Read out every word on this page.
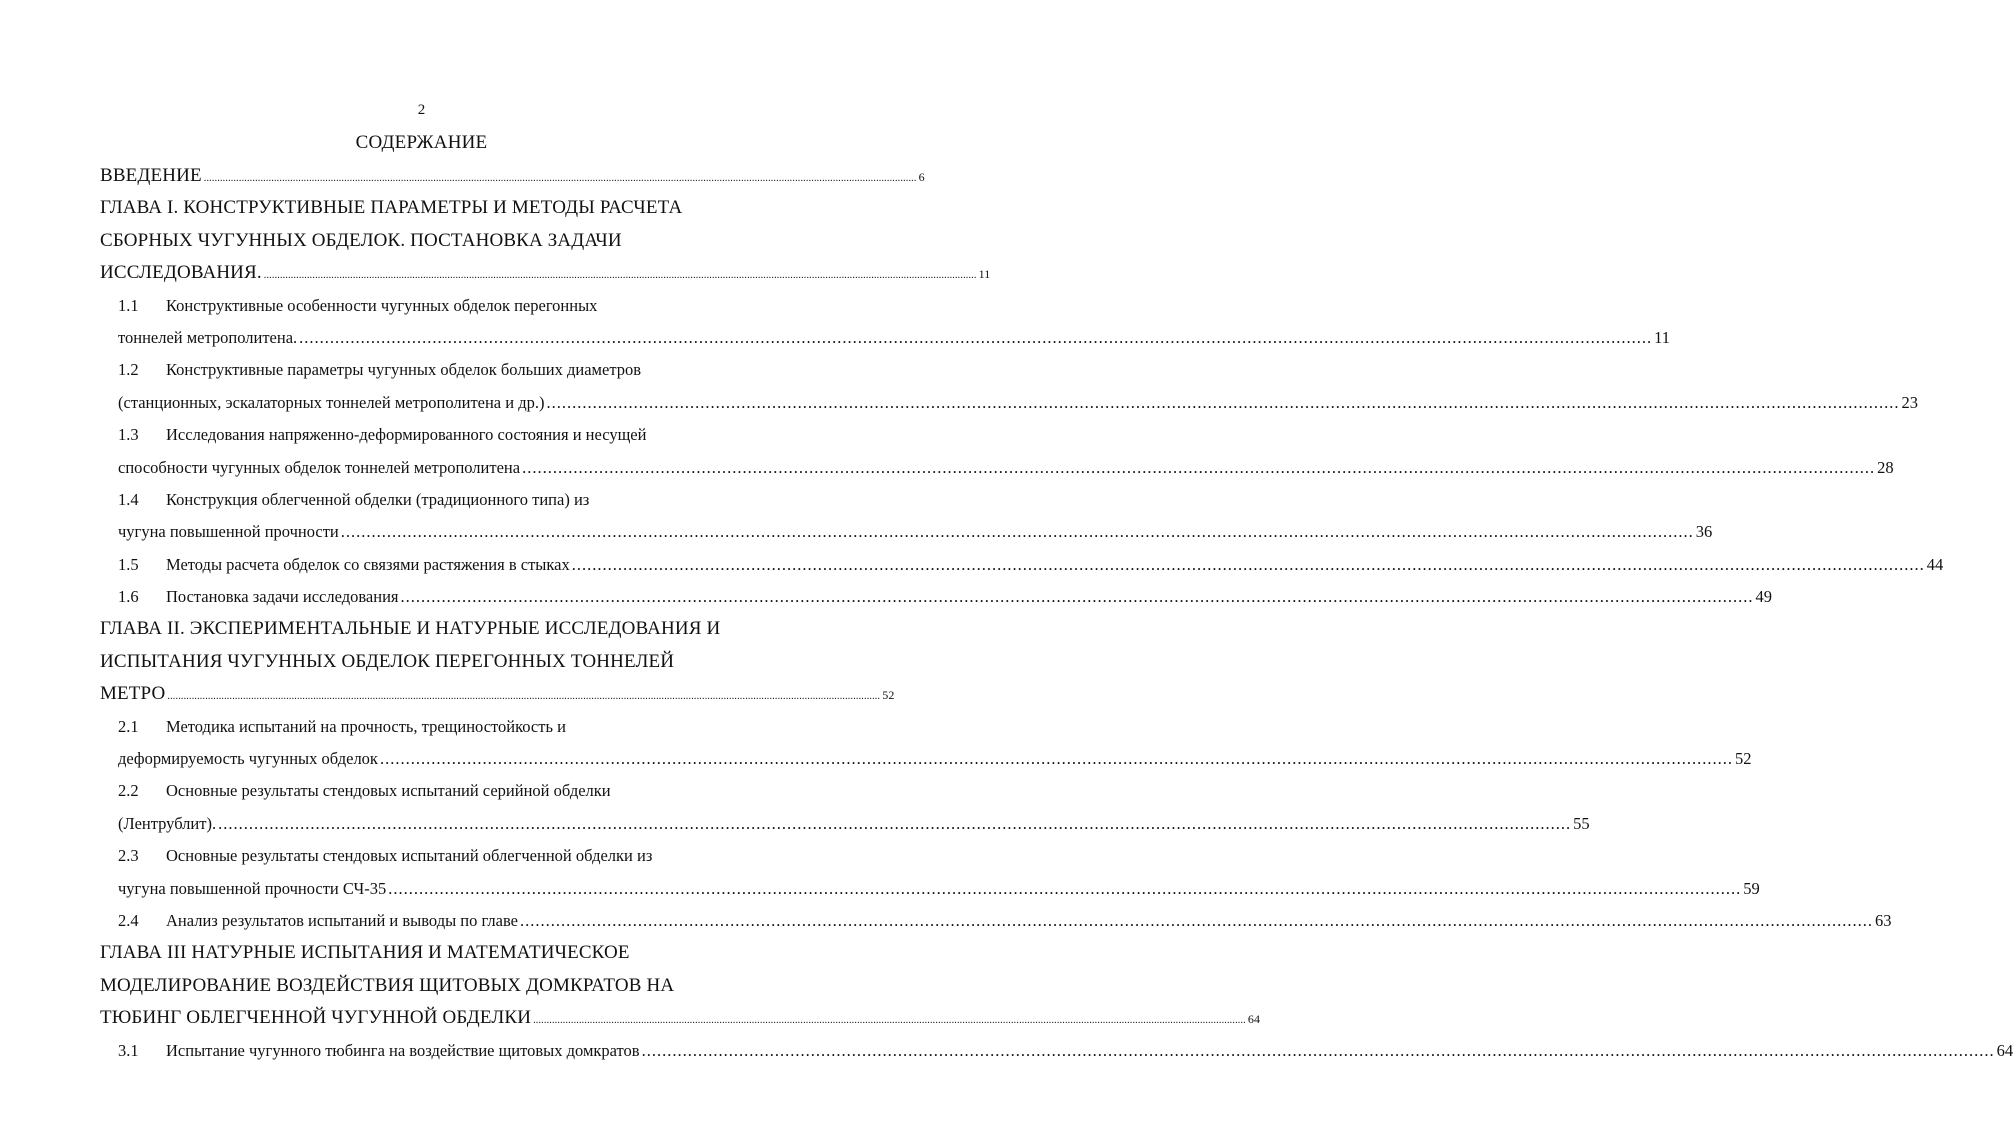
2
СОДЕРЖАНИЕ
ВВЕДЕНИЕ .....	6
ГЛАВА I. КОНСТРУКТИВНЫЕ ПАРАМЕТРЫ И МЕТОДЫ РАСЧЕТА
СБОРНЫХ ЧУГУННЫХ ОБДЕЛОК. ПОСТАНОВКА ЗАДАЧИ
ИССЛЕДОВАНИЯ. .....	11
1.1	Конструктивные особенности чугунных обделок перегонных
тоннелей метрополитена. .....	11
1.2	Конструктивные параметры чугунных обделок больших диаметров
(станционных, эскалаторных тоннелей метрополитена и др.) .....	23
1.3	Исследования напряженно-деформированного состояния и несущей
способности чугунных обделок тоннелей метрополитена .....	28
1.4	Конструкция облегченной обделки (традиционного типа) из
чугуна повышенной прочности .....	36
1.5	Методы расчета обделок со связями растяжения в стыках .....	44
1.6	Постановка задачи исследования .....	49
ГЛАВА II. ЭКСПЕРИМЕНТАЛЬНЫЕ И НАТУРНЫЕ ИССЛЕДОВАНИЯ И
ИСПЫТАНИЯ ЧУГУННЫХ ОБДЕЛОК ПЕРЕГОННЫХ ТОННЕЛЕЙ
МЕТРО .....	52
2.1	Методика испытаний на прочность, трещиностойкость и
деформируемость чугунных обделок .....	52
2.2	Основные результаты стендовых испытаний серийной обделки
(Лентрублит). .....	55
2.3	Основные результаты стендовых испытаний облегченной обделки из
чугуна повышенной прочности СЧ-35 .....	59
2.4	Анализ результатов испытаний и выводы по главе .....	63
ГЛАВА III НАТУРНЫЕ ИСПЫТАНИЯ И МАТЕМАТИЧЕСКОЕ
МОДЕЛИРОВАНИЕ ВОЗДЕЙСТВИЯ ЩИТОВЫХ ДОМКРАТОВ НА
ТЮБИНГ ОБЛЕГЧЕННОЙ ЧУГУННОЙ ОБДЕЛКИ .....	64
3.1	Испытание чугунного тюбинга на воздействие щитовых домкратов .....	64
